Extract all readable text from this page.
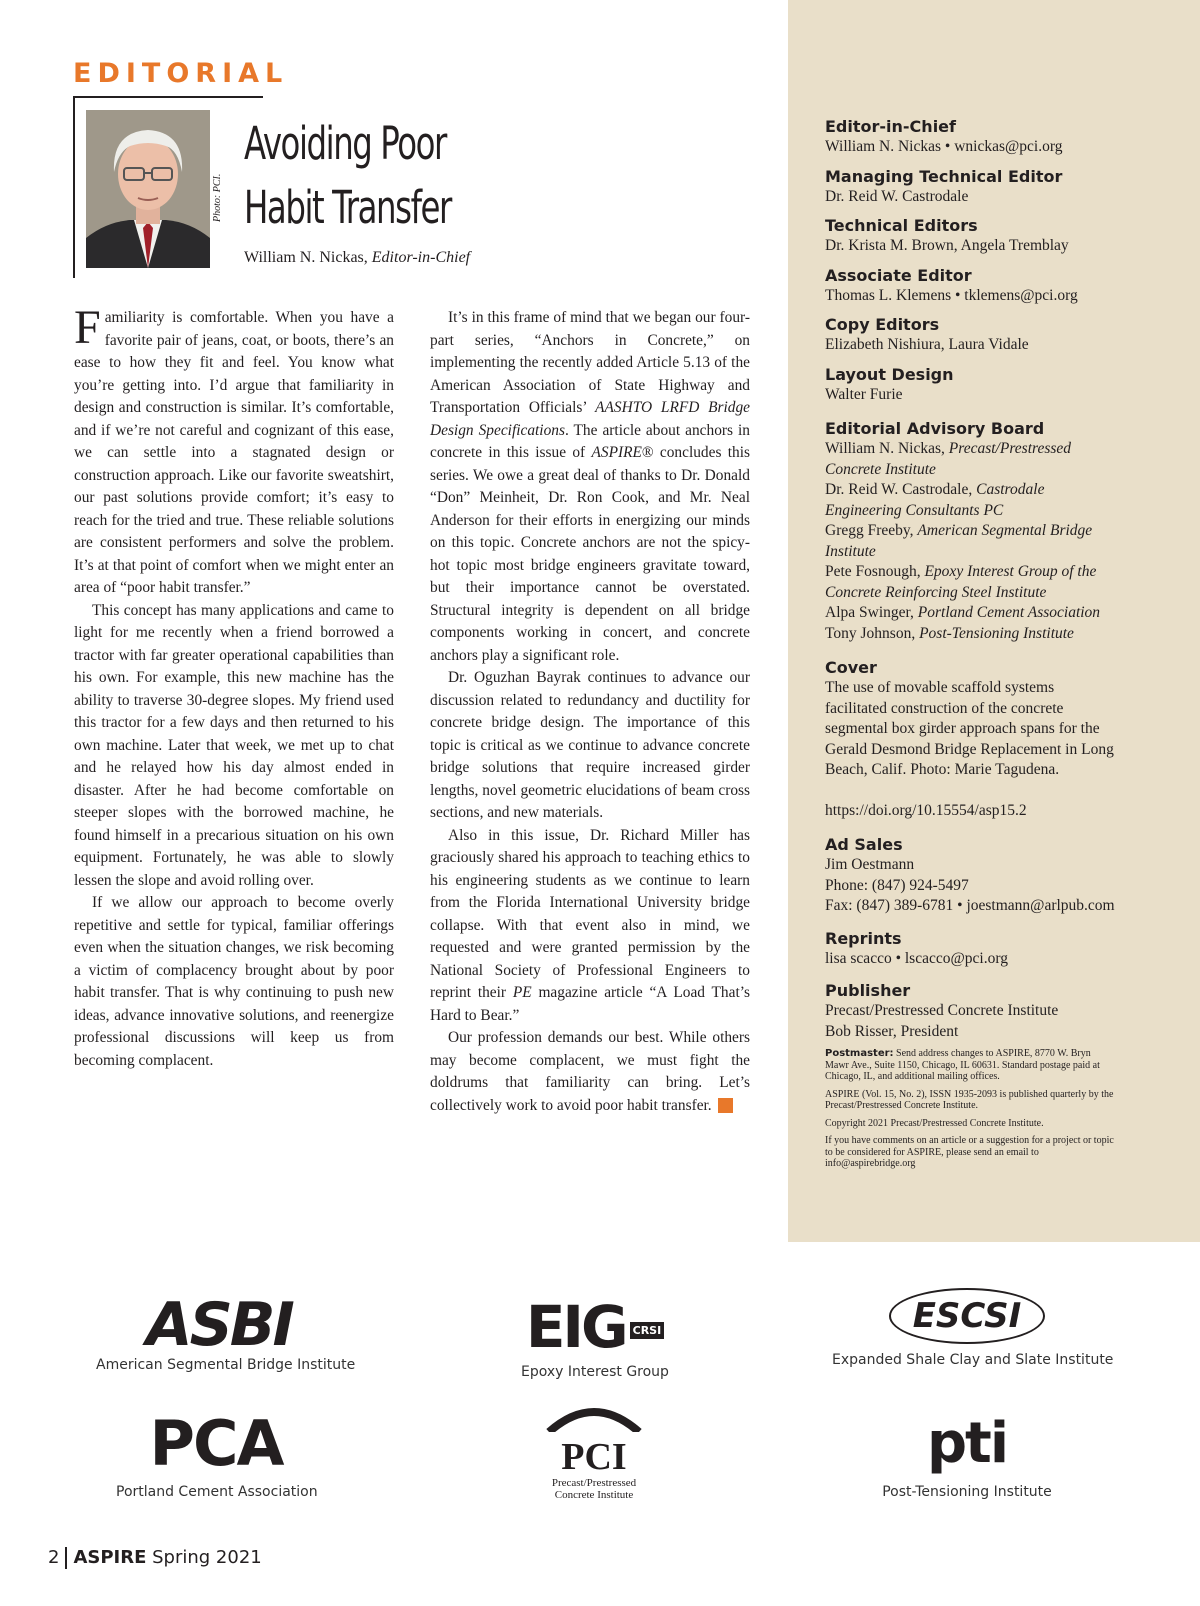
EDITORIAL
Photo: PCI.
Avoiding Poor
Habit Transfer
William N. Nickas, Editor-in-Chief

Familiarity is comfortable. When you have a favorite pair of jeans, coat, or boots, there’s an ease to how they fit and feel. You know what you’re getting into. I’d argue that familiarity in design and construction is similar. It’s comfortable, and if we’re not careful and cognizant of this ease, we can settle into a stagnated design or construction approach. Like our favorite sweatshirt, our past solutions provide comfort; it’s easy to reach for the tried and true. These reliable solutions are consistent performers and solve the problem. It’s at that point of comfort when we might enter an area of “poor habit transfer.”

This concept has many applications and came to light for me recently when a friend borrowed a tractor with far greater operational capabilities than his own. For example, this new machine has the ability to traverse 30-degree slopes. My friend used this tractor for a few days and then returned to his own machine. Later that week, we met up to chat and he relayed how his day almost ended in disaster. After he had become comfortable on steeper slopes with the borrowed machine, he found himself in a precarious situation on his own equipment. Fortunately, he was able to slowly lessen the slope and avoid rolling over.

If we allow our approach to become overly repetitive and settle for typical, familiar offerings even when the situation changes, we risk becoming a victim of complacency brought about by poor habit transfer. That is why continuing to push new ideas, advance innovative solutions, and reenergize professional discussions will keep us from becoming complacent.

It’s in this frame of mind that we began our four-part series, “Anchors in Concrete,” on implementing the recently added Article 5.13 of the American Association of State Highway and Transportation Officials’ AASHTO LRFD Bridge Design Specifications. The article about anchors in concrete in this issue of ASPIRE® concludes this series. We owe a great deal of thanks to Dr. Donald “Don” Meinheit, Dr. Ron Cook, and Mr. Neal Anderson for their efforts in energizing our minds on this topic. Concrete anchors are not the spicy-hot topic most bridge engineers gravitate toward, but their importance cannot be overstated. Structural integrity is dependent on all bridge components working in concert, and concrete anchors play a significant role.

Dr. Oguzhan Bayrak continues to advance our discussion related to redundancy and ductility for concrete bridge design. The importance of this topic is critical as we continue to advance concrete bridge solutions that require increased girder lengths, novel geometric elucidations of beam cross sections, and new materials.

Also in this issue, Dr. Richard Miller has graciously shared his approach to teaching ethics to his engineering students as we continue to learn from the Florida International University bridge collapse. With that event also in mind, we requested and were granted permission by the National Society of Professional Engineers to reprint their PE magazine article “A Load That’s Hard to Bear.”

Our profession demands our best. While others may become complacent, we must fight the doldrums that familiarity can bring. Let’s collectively work to avoid poor habit transfer. A

Editor-in-Chief
William N. Nickas • wnickas@pci.org
Managing Technical Editor
Dr. Reid W. Castrodale
Technical Editors
Dr. Krista M. Brown, Angela Tremblay
Associate Editor
Thomas L. Klemens • tklemens@pci.org
Copy Editors
Elizabeth Nishiura, Laura Vidale
Layout Design
Walter Furie
Editorial Advisory Board
William N. Nickas, Precast/Prestressed Concrete Institute
Dr. Reid W. Castrodale, Castrodale Engineering Consultants PC
Gregg Freeby, American Segmental Bridge Institute
Pete Fosnough, Epoxy Interest Group of the Concrete Reinforcing Steel Institute
Alpa Swinger, Portland Cement Association
Tony Johnson, Post-Tensioning Institute
Cover
The use of movable scaffold systems facilitated construction of the concrete segmental box girder approach spans for the Gerald Desmond Bridge Replacement in Long Beach, Calif. Photo: Marie Tagudena.
https://doi.org/10.15554/asp15.2
Ad Sales
Jim Oestmann
Phone: (847) 924-5497
Fax: (847) 389-6781 • joestmann@arlpub.com
Reprints
lisa scacco • lscacco@pci.org
Publisher
Precast/Prestressed Concrete Institute
Bob Risser, President
Postmaster: Send address changes to ASPIRE, 8770 W. Bryn Mawr Ave., Suite 1150, Chicago, IL 60631. Standard postage paid at Chicago, IL, and additional mailing offices.
ASPIRE (Vol. 15, No. 2), ISSN 1935-2093 is published quarterly by the Precast/Prestressed Concrete Institute.
Copyright 2021 Precast/Prestressed Concrete Institute.
If you have comments on an article or a suggestion for a project or topic to be considered for ASPIRE, please send an email to info@aspirebridge.org
ASBI
American Segmental Bridge Institute
EIG CRSI
Epoxy Interest Group
ESCSI
Expanded Shale Clay and Slate Institute
PCA
Portland Cement Association
PCI
Precast/Prestressed
Concrete Institute
pti
Post-Tensioning Institute
2 ASPIRE Spring 2021
